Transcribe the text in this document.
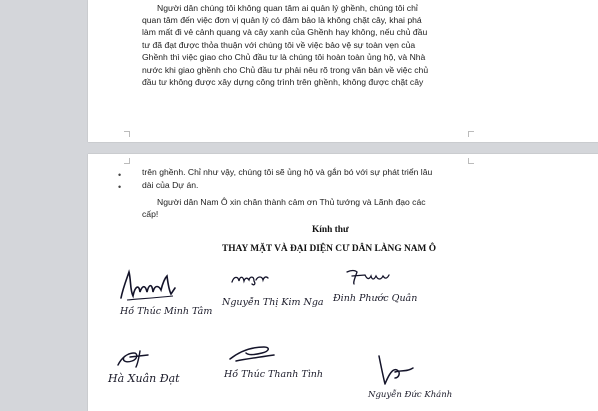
Người dân chúng tôi không quan tâm ai quản lý ghềnh, chúng tôi chỉ

quan tâm đến việc đơn vị quản lý có đảm bảo là không chặt cây, khai phá

làm mất đi vẻ cảnh quang và cây xanh của Ghềnh hay không, nếu chủ đầu

tư đã đạt được thỏa thuận với chúng tôi về việc bảo vệ sự toàn vẹn của

Ghềnh thì việc giao cho Chủ đầu tư là chúng tôi hoàn toàn ủng hộ, và Nhà

nước khi giao ghềnh cho Chủ đầu tư phải nêu rõ trong văn bản về việc chủ

đầu tư không được xây dựng công trình trên ghềnh, không được chặt cây

•
•

trên ghềnh. Chỉ như vậy, chúng tôi sẽ ủng hộ và gắn bó với sự phát triển lâu

dài của Dự án.

Người dân Nam Ô xin chân thành cảm ơn Thủ tướng và Lãnh đạo các

cấp!

Kính thư

THAY MẶT VÀ ĐẠI DIỆN CƯ DÂN LÀNG NAM Ô

Hồ Thúc Minh Tâm
Nguyễn Thị Kim Nga Đinh Phước Quân
Hà Xuân Đạt	Hồ Thúc Thanh Tình
Nguyễn Đức Khánh
